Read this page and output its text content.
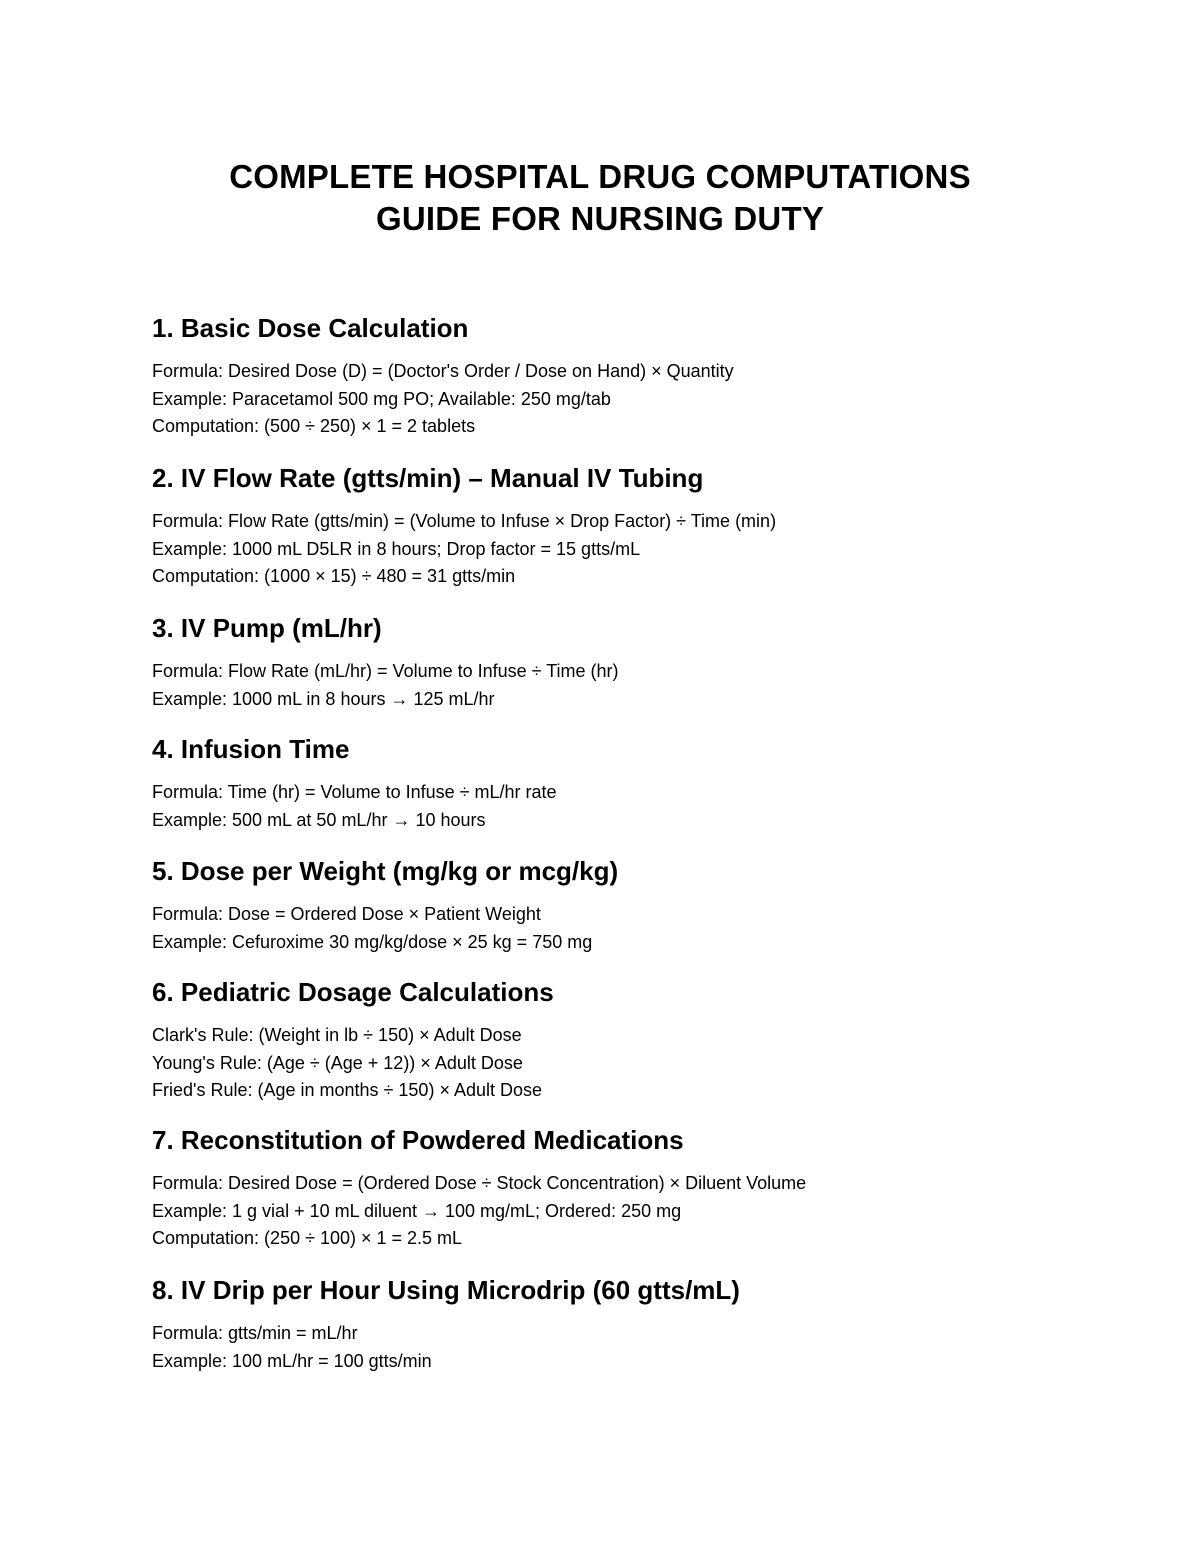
COMPLETE HOSPITAL DRUG COMPUTATIONS
GUIDE FOR NURSING DUTY
1. Basic Dose Calculation
Formula: Desired Dose (D) = (Doctor's Order / Dose on Hand) × Quantity
Example: Paracetamol 500 mg PO; Available: 250 mg/tab
Computation: (500 ÷ 250) × 1 = 2 tablets
2. IV Flow Rate (gtts/min) – Manual IV Tubing
Formula: Flow Rate (gtts/min) = (Volume to Infuse × Drop Factor) ÷ Time (min)
Example: 1000 mL D5LR in 8 hours; Drop factor = 15 gtts/mL
Computation: (1000 × 15) ÷ 480 = 31 gtts/min
3. IV Pump (mL/hr)
Formula: Flow Rate (mL/hr) = Volume to Infuse ÷ Time (hr)
Example: 1000 mL in 8 hours → 125 mL/hr
4. Infusion Time
Formula: Time (hr) = Volume to Infuse ÷ mL/hr rate
Example: 500 mL at 50 mL/hr → 10 hours
5. Dose per Weight (mg/kg or mcg/kg)
Formula: Dose = Ordered Dose × Patient Weight
Example: Cefuroxime 30 mg/kg/dose × 25 kg = 750 mg
6. Pediatric Dosage Calculations
Clark's Rule: (Weight in lb ÷ 150) × Adult Dose
Young's Rule: (Age ÷ (Age + 12)) × Adult Dose
Fried's Rule: (Age in months ÷ 150) × Adult Dose
7. Reconstitution of Powdered Medications
Formula: Desired Dose = (Ordered Dose ÷ Stock Concentration) × Diluent Volume
Example: 1 g vial + 10 mL diluent → 100 mg/mL; Ordered: 250 mg
Computation: (250 ÷ 100) × 1 = 2.5 mL
8. IV Drip per Hour Using Microdrip (60 gtts/mL)
Formula: gtts/min = mL/hr
Example: 100 mL/hr = 100 gtts/min
